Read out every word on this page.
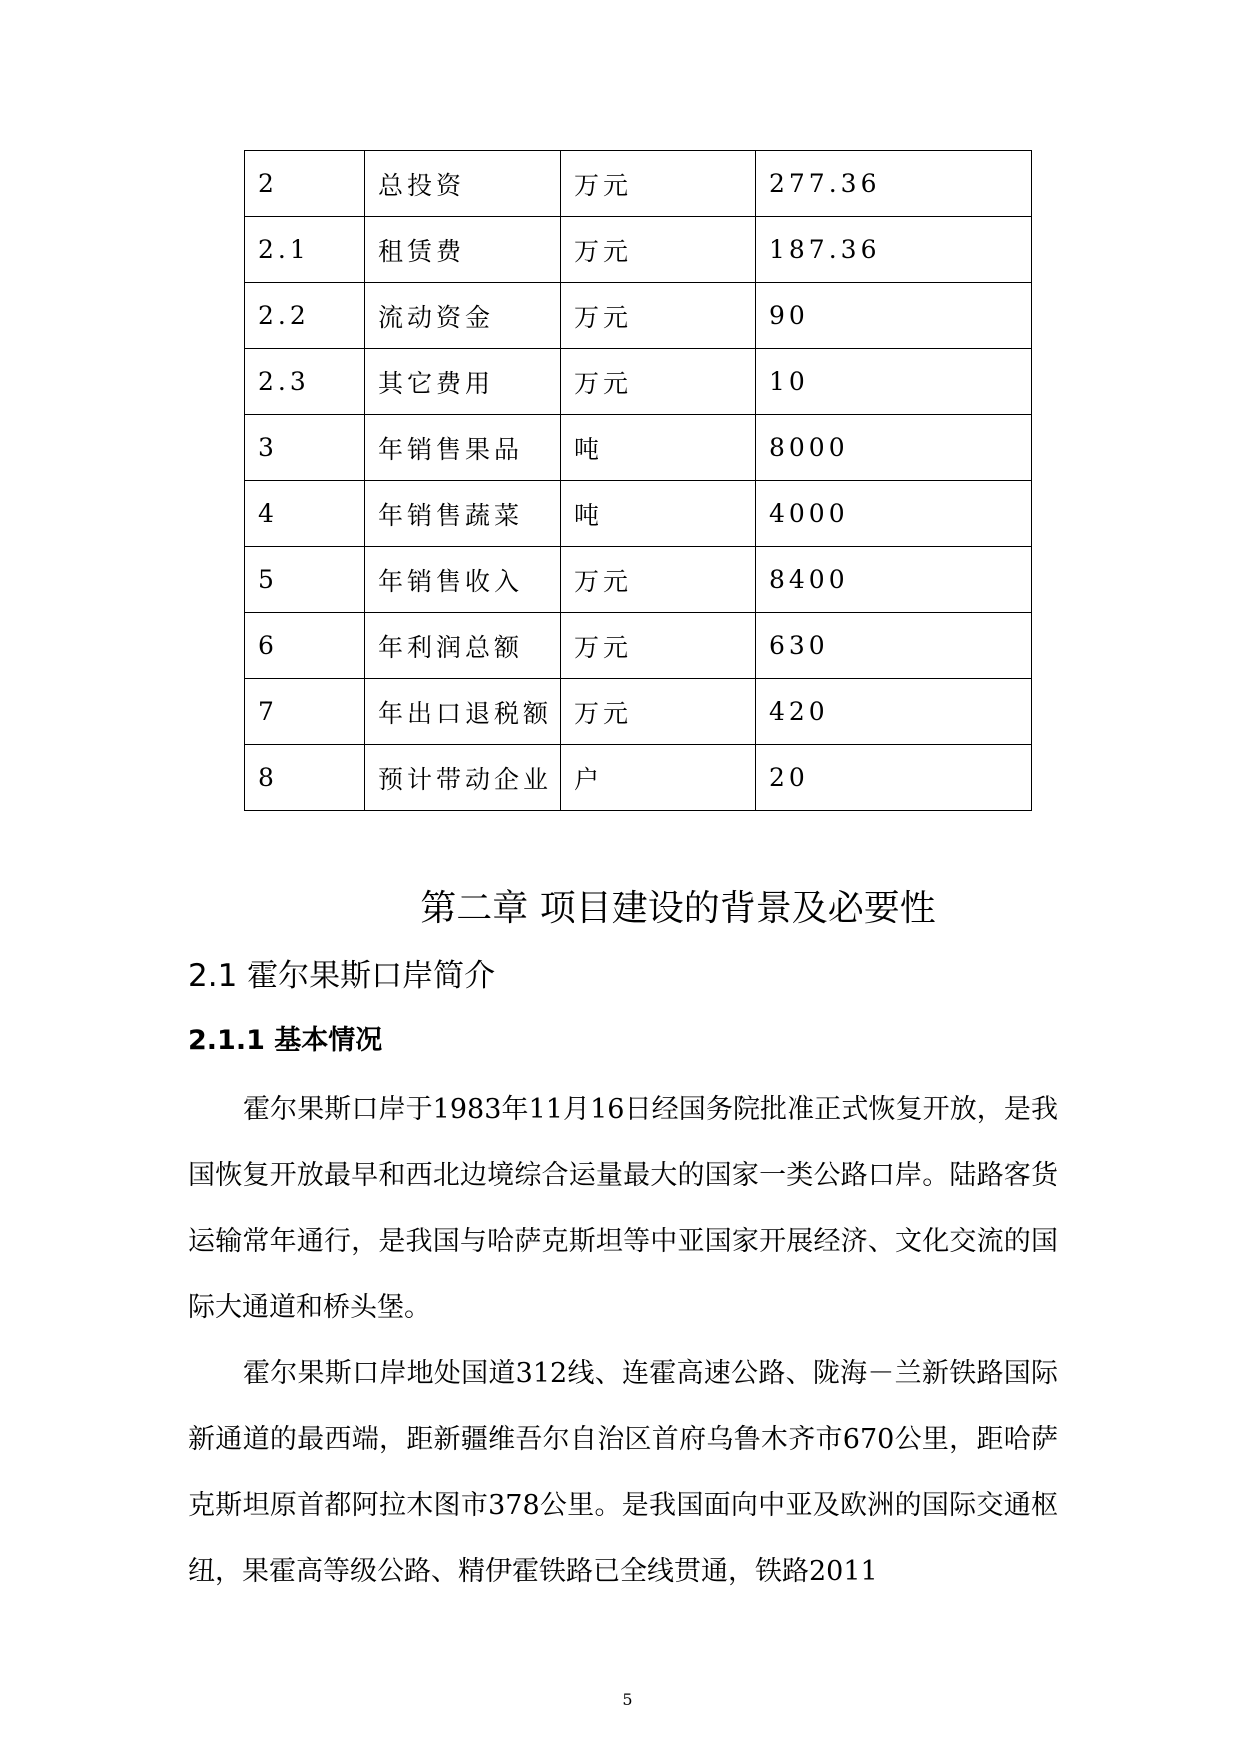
2	总投资	万元	277.36
2.1	租赁费	万元	187.36
2.2	流动资金	万元	90
2.3	其它费用	万元	10
3	年销售果品	吨	8000
4	年销售蔬菜	吨	4000
5	年销售收入	万元	8400
6	年利润总额	万元	630
7	年出口退税额	万元	420
8	预计带动企业	户	20
第二章 项目建设的背景及必要性
2.1 霍尔果斯口岸简介
2.1.1 基本情况

霍尔果斯口岸于1983年11月16日经国务院批准正式恢复开放，是我国恢复开放最早和西北边境综合运量最大的国家一类公路口岸。陆路客货运输常年通行，是我国与哈萨克斯坦等中亚国家开展经济、文化交流的国际大通道和桥头堡。

霍尔果斯口岸地处国道312线、连霍高速公路、陇海－兰新铁路国际新通道的最西端，距新疆维吾尔自治区首府乌鲁木齐市670公里，距哈萨克斯坦原首都阿拉木图市378公里。是我国面向中亚及欧洲的国际交通枢纽，果霍高等级公路、精伊霍铁路已全线贯通，铁路2011

5
